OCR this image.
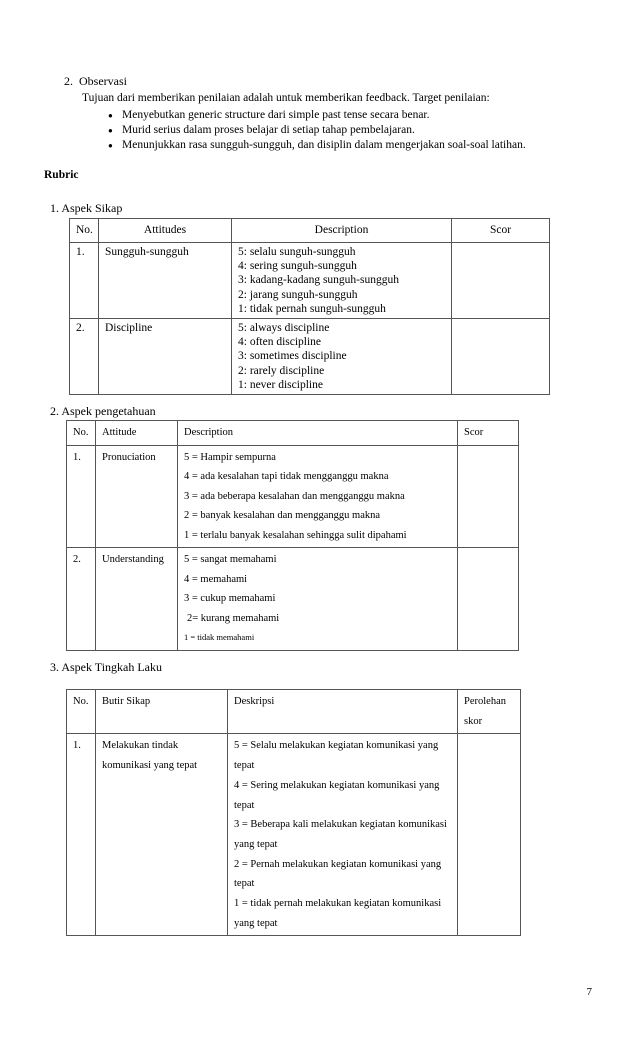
2. Observasi
Tujuan dari memberikan penilaian adalah untuk memberikan feedback. Target penilaian:
● Menyebutkan generic structure dari simple past tense secara benar.
● Murid serius dalam proses belajar di setiap tahap pembelajaran.
● Menunjukkan rasa sungguh-sungguh, dan disiplin dalam mengerjakan soal-soal latihan.
Rubric
1. Aspek Sikap
No.	Attitudes	Description	Scor
1.	Sungguh-sungguh	5: selalu sunguh-sungguh
4: sering sunguh-sungguh
3: kadang-kadang sunguh-sungguh
2: jarang sunguh-sungguh
1: tidak pernah sunguh-sungguh	

2.	Discipline	5: always discipline
4: often discipline
3: sometimes discipline
2: rarely discipline
1: never discipline	

2. Aspek pengetahuan
No.	Attitude	Description	Scor
1.	Pronuciation	5 = Hampir sempurna
4 = ada kesalahan tapi tidak mengganggu makna
3 = ada beberapa kesalahan dan mengganggu makna
2 = banyak kesalahan dan mengganggu makna
1 = terlalu banyak kesalahan sehingga sulit dipahami	

2.	Understanding	5 = sangat memahami
4 = memahami
3 = cukup memahami
2= kurang memahami
1 = tidak memahami	

3. Aspek Tingkah Laku
No.	Butir Sikap	Deskripsi	Perolehan skor
1.	Melakukan tindak komunikasi yang tepat	5 = Selalu melakukan kegiatan komunikasi yang tepat
4 = Sering melakukan kegiatan komunikasi yang tepat
3 = Beberapa kali melakukan kegiatan komunikasi yang tepat
2 = Pernah melakukan kegiatan komunikasi yang tepat
1 = tidak pernah melakukan kegiatan komunikasi yang tepat	

7
